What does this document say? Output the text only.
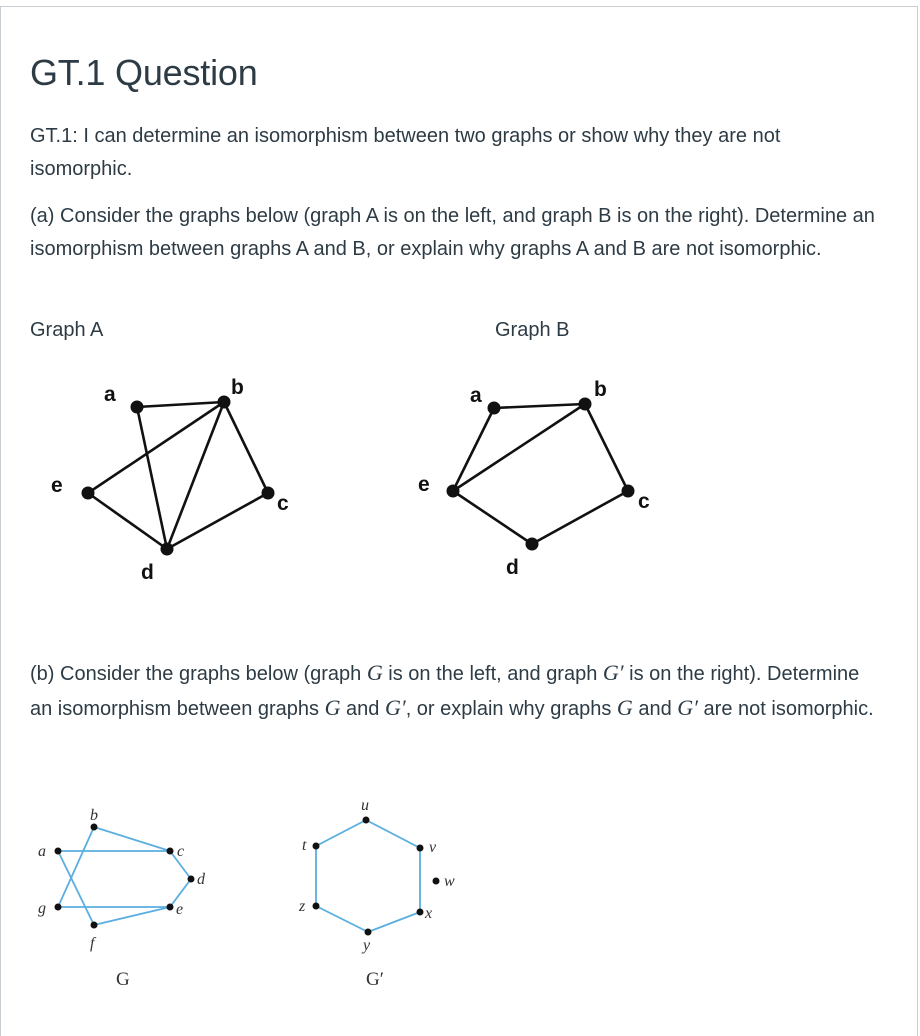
GT.1 Question

GT.1: I can determine an isomorphism between two graphs or show why they are not isomorphic.

(a) Consider the graphs below (graph A is on the left, and graph B is on the right). Determine an isomorphism between graphs A and B, or explain why graphs A and B are not isomorphic.

Graph A	Graph B

a	b
c
d
e
a	b
c
d
e

(b) Consider the graphs below (graph G is on the left, and graph G′ is on the right). Determine an isomorphism between graphs G and G′, or explain why graphs G and G′ are not isomorphic.

a
b
c
d
e
f
g
G
t
u
v
w
x
y
z
G′
